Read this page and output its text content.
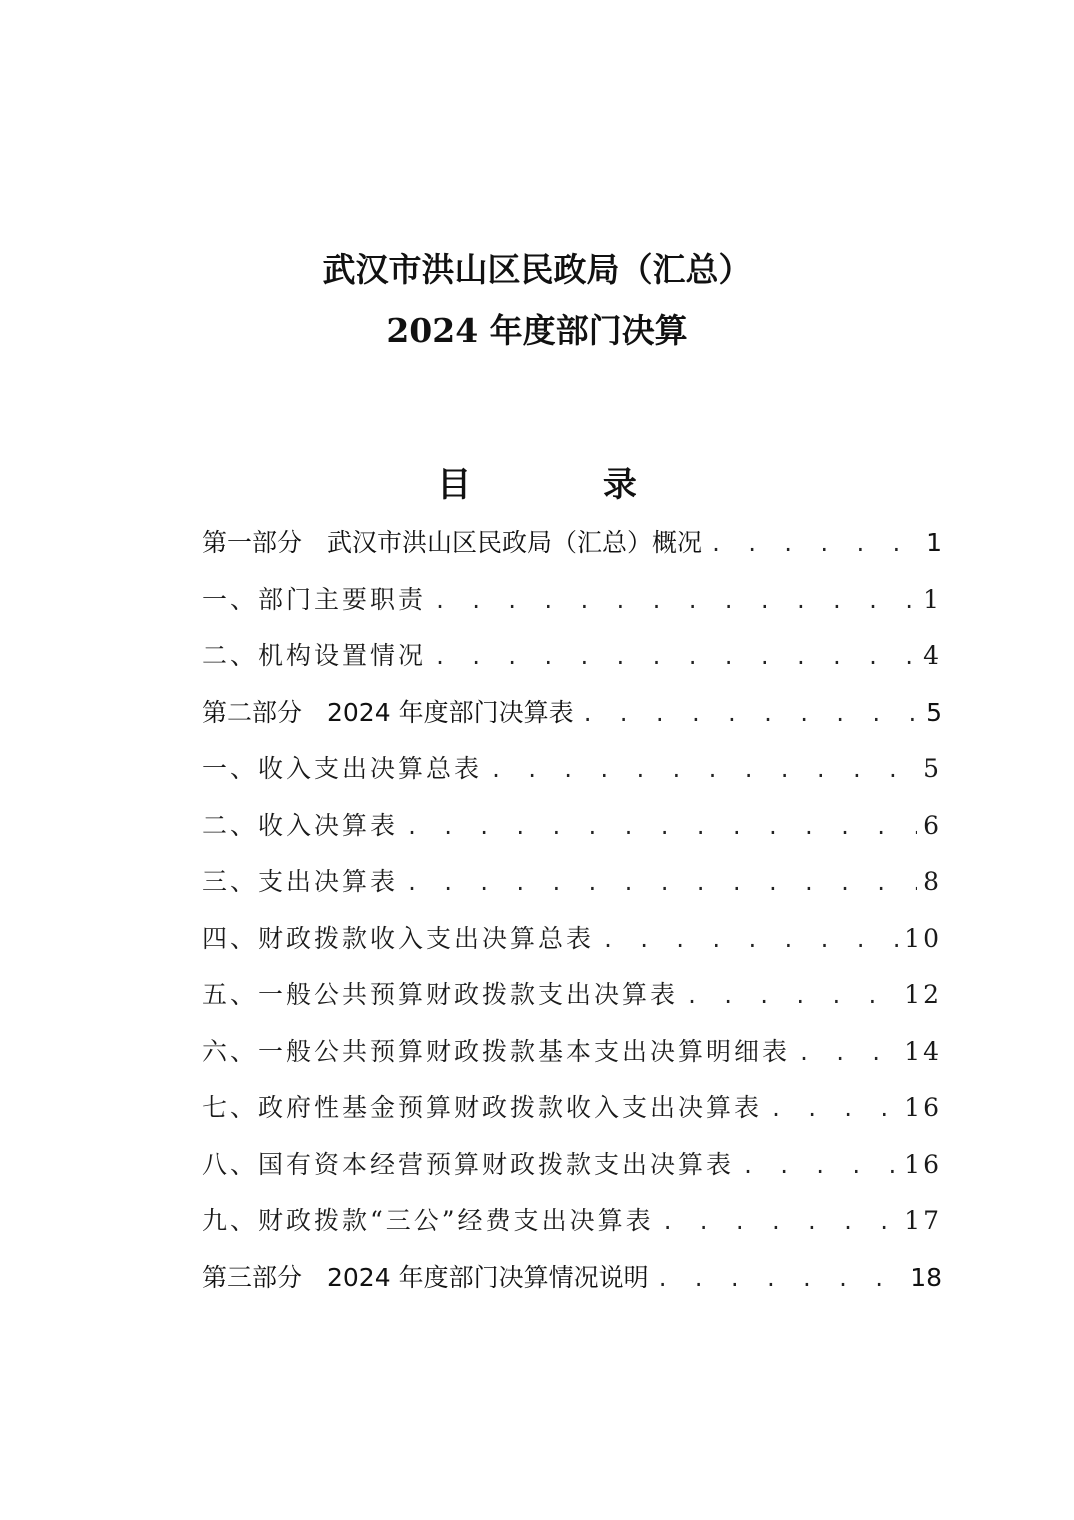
武汉市洪山区民政局（汇总）
2024 年度部门决算
目 录
第一部分　武汉市洪山区民政局（汇总）概况 . . .	1
一、部门主要职责 . . .	1
二、机构设置情况 . . .	4
第二部分　2024 年度部门决算表 . . .	5
一、收入支出决算总表 . . .	5
二、收入决算表 . . .	6
三、支出决算表 . . .	8
四、财政拨款收入支出决算总表 . . .	10
五、一般公共预算财政拨款支出决算表 . . .	12
六、一般公共预算财政拨款基本支出决算明细表 . . .	14
七、政府性基金预算财政拨款收入支出决算表 . . .	16
八、国有资本经营预算财政拨款支出决算表 . . .	16
九、财政拨款“三公”经费支出决算表 . . .	17
第三部分　2024 年度部门决算情况说明 . . .	18
